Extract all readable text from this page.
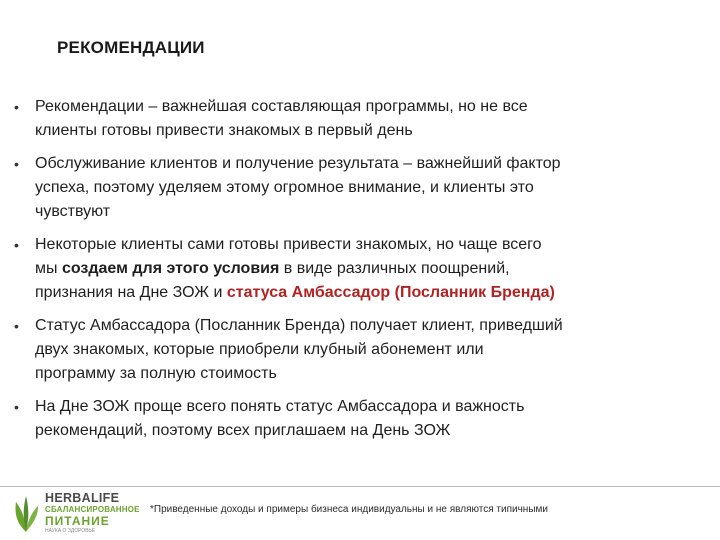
РЕКОМЕНДАЦИИ
• Рекомендации – важнейшая составляющая программы, но не все
клиенты готовы привести знакомых в первый день
• Обслуживание клиентов и получение результата – важнейший фактор
успеха, поэтому уделяем этому огромное внимание, и клиенты это
чувствуют
• Некоторые клиенты сами готовы привести знакомых, но чаще всего
мы создаем для этого условия в виде различных поощрений,
признания на Дне ЗОЖ и статуса Амбассадор (Посланник Бренда)
• Статус Амбассадора (Посланник Бренда) получает клиент, приведший
двух знакомых, которые приобрели клубный абонемент или
программу за полную стоимость
• На Дне ЗОЖ проще всего понять статус Амбассадора и важность
рекомендаций, поэтому всех приглашаем на День ЗОЖ
HERBALIFE
СБАЛАНСИРОВАННОЕ
ПИТАНИЕ
НАУКА О ЗДОРОВЬЕ
*Приведенные доходы и примеры бизнеса индивидуальны и не являются типичными
